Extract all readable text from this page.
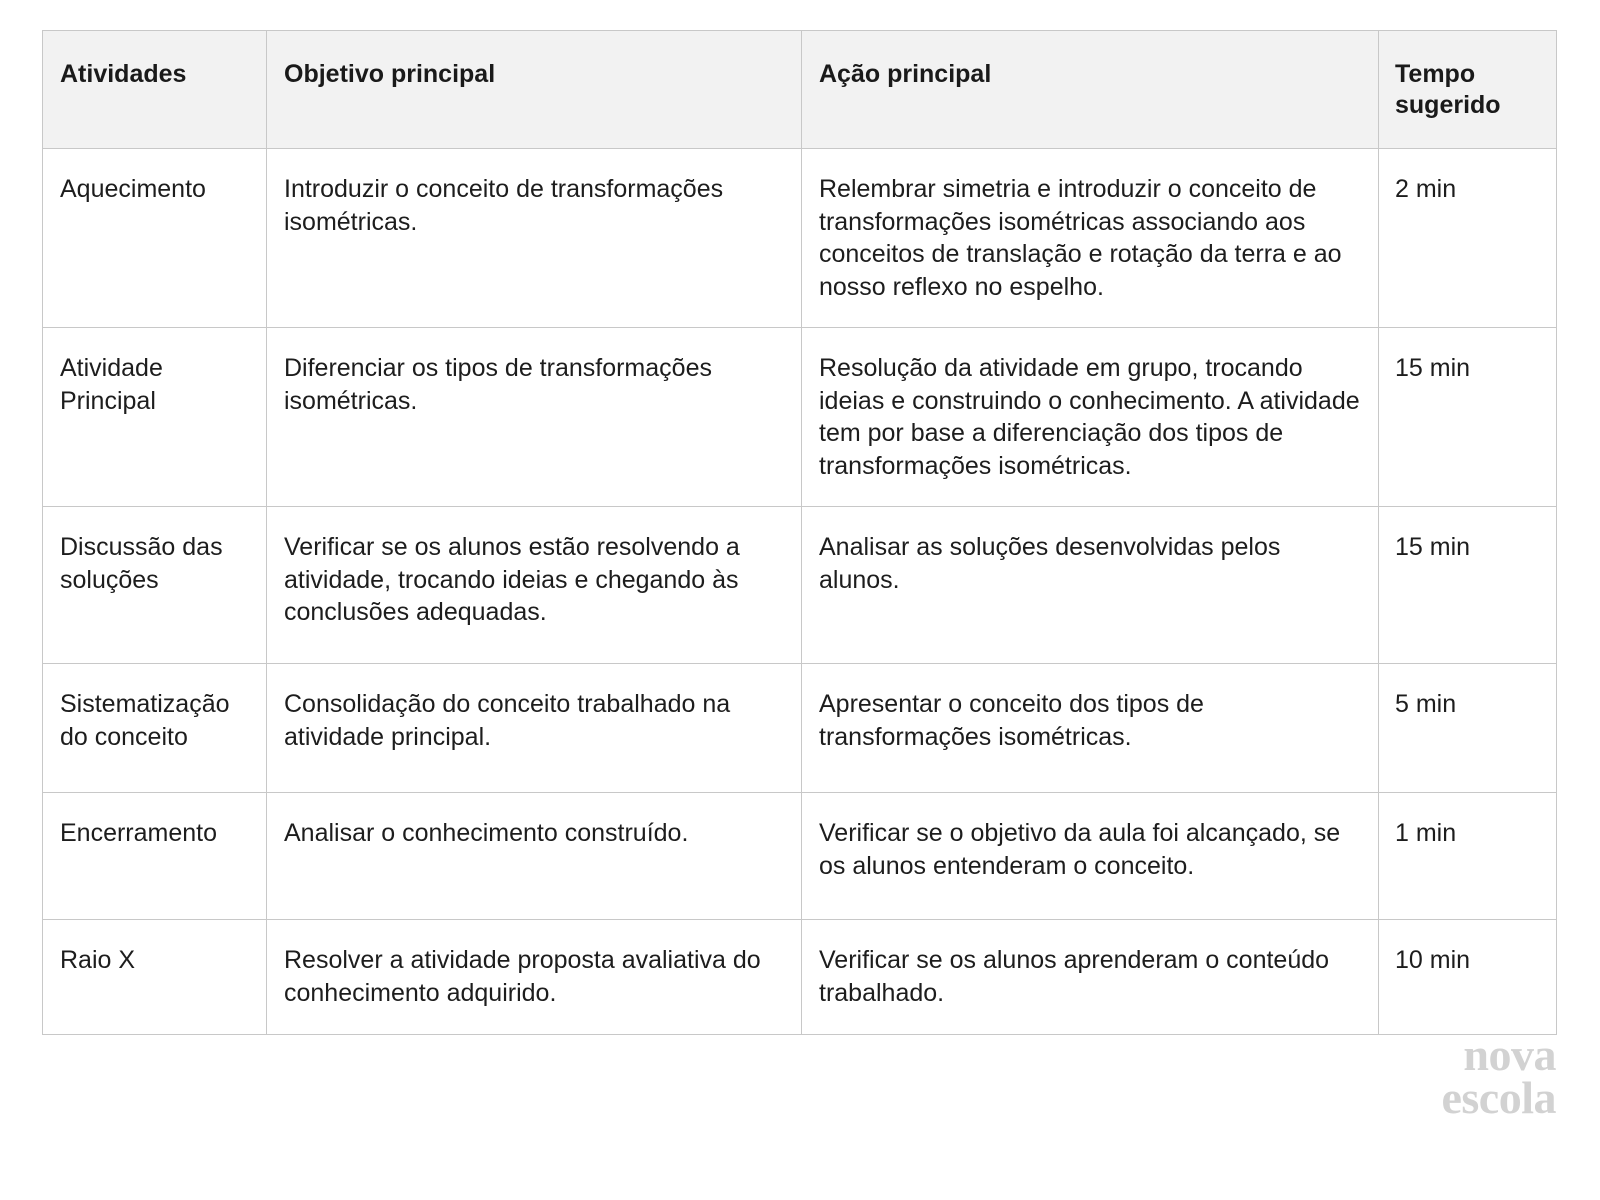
Atividades	Objetivo principal	Ação principal	Tempo sugerido
Aquecimento	Introduzir o conceito de transformações isométricas.	Relembrar simetria e introduzir o conceito de transformações isométricas associando aos conceitos de translação e rotação da terra e ao nosso reflexo no espelho.	2 min
Atividade Principal	Diferenciar os tipos de transformações isométricas.	Resolução da atividade em grupo, trocando ideias e construindo o conhecimento. A atividade tem por base a diferenciação dos tipos de transformações isométricas.	15 min
Discussão das soluções	Verificar se os alunos estão resolvendo a atividade, trocando ideias e chegando às conclusões adequadas.	Analisar as soluções desenvolvidas pelos alunos.	15 min
Sistematização do conceito	Consolidação do conceito trabalhado na atividade principal.	Apresentar o conceito dos tipos de transformações isométricas.	5 min
Encerramento	Analisar o conhecimento construído.	Verificar se o objetivo da aula foi alcançado, se os alunos entenderam o conceito.	1 min
Raio X	Resolver a atividade proposta avaliativa do conhecimento adquirido.	Verificar se os alunos aprenderam o conteúdo trabalhado.	10 min
nova
escola
